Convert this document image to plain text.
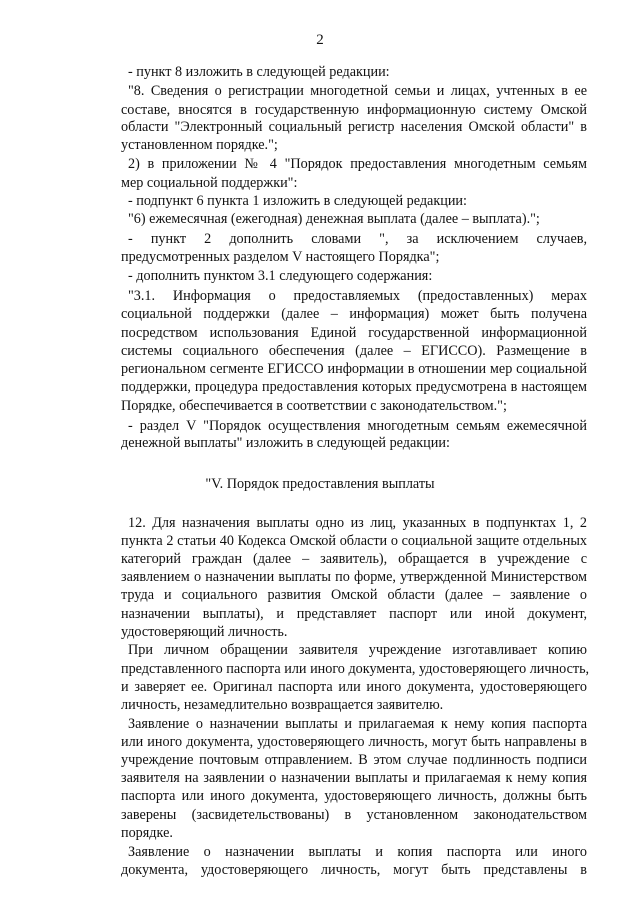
2
- пункт 8 изложить в следующей редакции:
"8. Сведения о регистрации многодетной семьи и лицах, учтенных в ее
составе, вносятся в государственную информационную систему Омской
области "Электронный социальный регистр населения Омской области" в
установленном порядке.";
2) в приложении № 4 "Порядок предоставления многодетным семьям
мер социальной поддержки":
- подпункт 6 пункта 1 изложить в следующей редакции:
"6) ежемесячная (ежегодная) денежная выплата (далее – выплата).";
- пункт 2 дополнить словами ", за исключением случаев,
предусмотренных разделом V настоящего Порядка";
- дополнить пунктом 3.1 следующего содержания:
"3.1. Информация о предоставляемых (предоставленных) мерах
социальной поддержки (далее – информация) может быть получена
посредством использования Единой государственной информационной
системы социального обеспечения (далее – ЕГИССО). Размещение в
региональном сегменте ЕГИССО информации в отношении мер социальной
поддержки, процедура предоставления которых предусмотрена в настоящем
Порядке, обеспечивается в соответствии с законодательством.";
- раздел V "Порядок осуществления многодетным семьям ежемесячной
денежной выплаты" изложить в следующей редакции:
"V. Порядок предоставления выплаты
12. Для назначения выплаты одно из лиц, указанных в подпунктах 1, 2
пункта 2 статьи 40 Кодекса Омской области о социальной защите отдельных
категорий граждан (далее – заявитель), обращается в учреждение с
заявлением о назначении выплаты по форме, утвержденной Министерством
труда и социального развития Омской области (далее – заявление о
назначении выплаты), и представляет паспорт или иной документ,
удостоверяющий личность.
При личном обращении заявителя учреждение изготавливает копию
представленного паспорта или иного документа, удостоверяющего личность,
и заверяет ее. Оригинал паспорта или иного документа, удостоверяющего
личность, незамедлительно возвращается заявителю.
Заявление о назначении выплаты и прилагаемая к нему копия паспорта
или иного документа, удостоверяющего личность, могут быть направлены в
учреждение почтовым отправлением. В этом случае подлинность подписи
заявителя на заявлении о назначении выплаты и прилагаемая к нему копия
паспорта или иного документа, удостоверяющего личность, должны быть
заверены (засвидетельствованы) в установленном законодательством
порядке.
Заявление о назначении выплаты и копия паспорта или иного
документа, удостоверяющего личность, могут быть представлены в
